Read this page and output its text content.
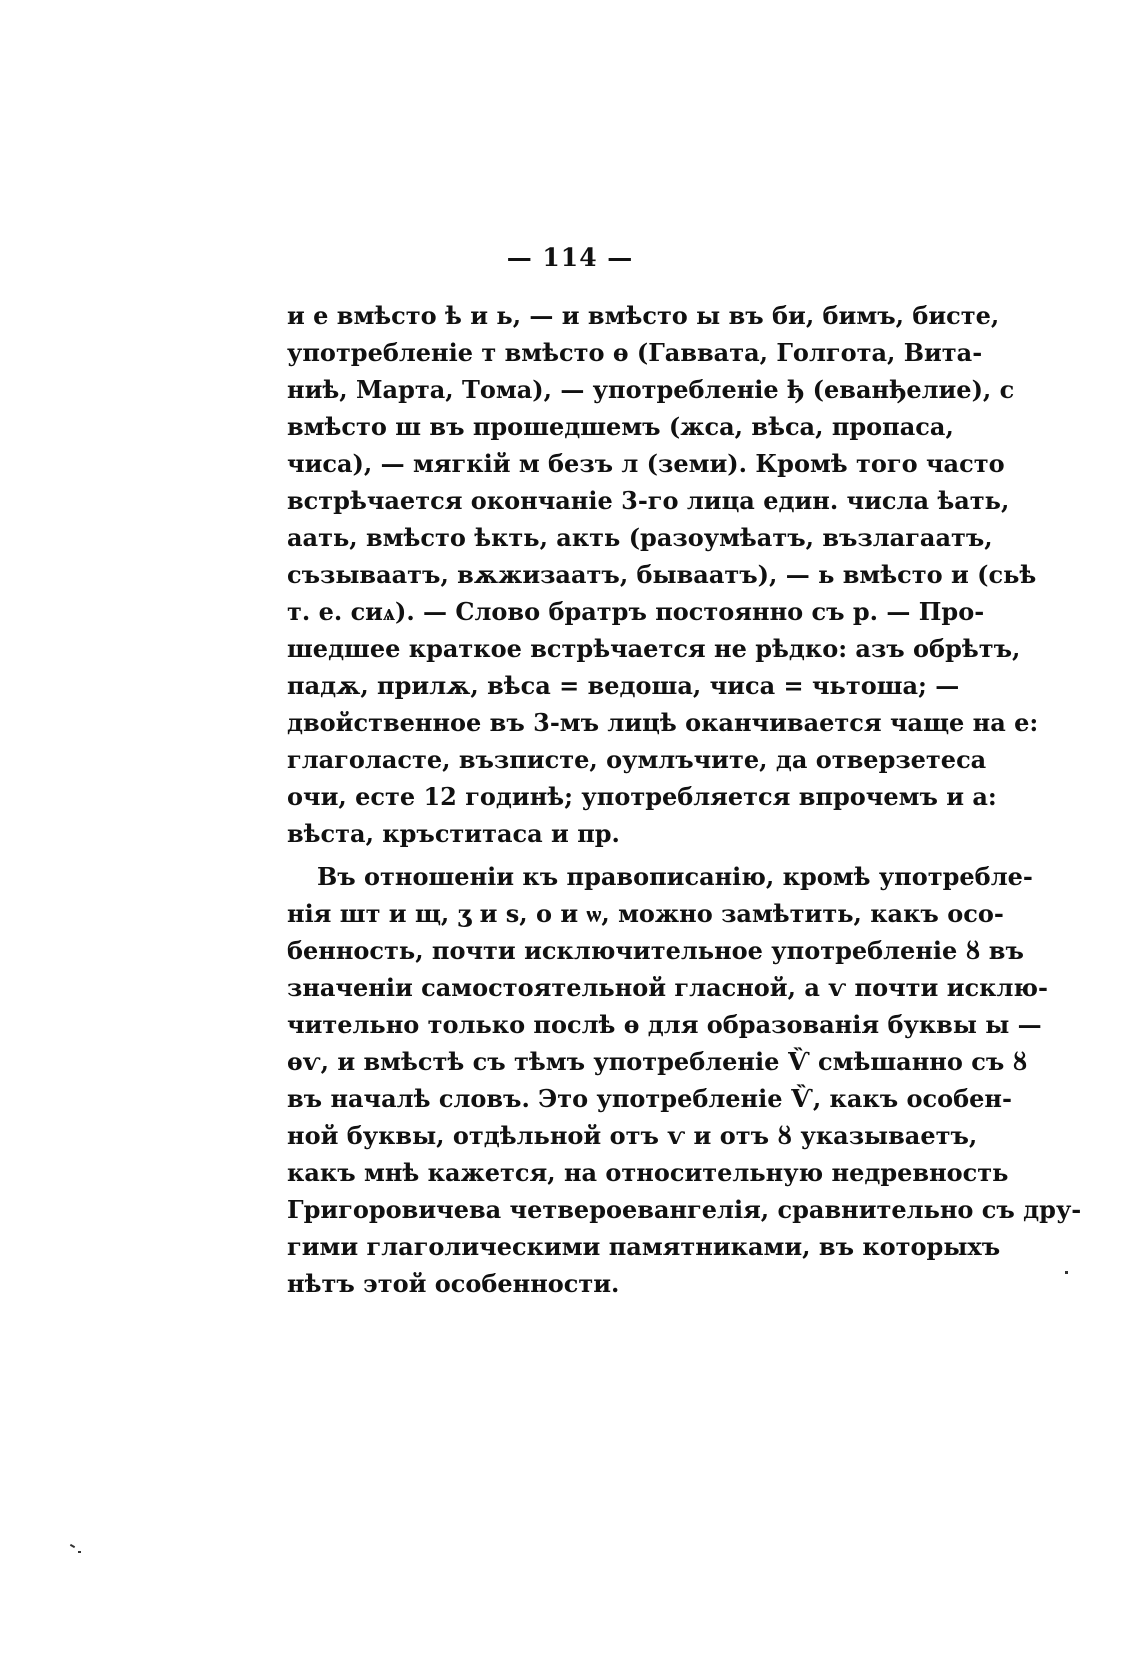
— 114 —
и е вмѣсто ѣ и ь, — и вмѣсто ы въ би, бимъ, бисте,
употребленіе т вмѣсто ѳ (Гаввата, Голгота, Вита-
ниѣ, Марта, Тома), — употребленіе ђ (еванђелие), с
вмѣсто ш въ прошедшемъ (жса, вѣса, пропаса,
чиса), — мягкій м безъ л (земи). Кромѣ того часто
встрѣчается окончаніе 3-го лица един. числа ѣать,
аать, вмѣсто ѣкть, акть (разоумѣатъ, възлагаатъ,
съзываатъ, вѫжизаатъ, бываатъ), — ь вмѣсто и (сьѣ
т. е. сиѧ). — Слово братръ постоянно съ р. — Про-
шедшее краткое встрѣчается не рѣдко: азъ обрѣтъ,
падѫ, прилѫ, вѣса = ведоша, чиса = чьтоша; —
двойственное въ 3-мъ лицѣ оканчивается чаще на е:
глаголасте, възписте, оумлъчите, да отверзетеса
очи, есте 12 годинѣ; употребляется впрочемъ и а:
вѣста, кръститаса и пр.
Въ отношеніи къ правописанію, кромѣ употребле-
нія шт и щ, ӡ и ѕ, о и ѡ, можно замѣтить, какъ осо-
бенность, почти исключительное употребленіе ȣ въ
значеніи самостоятельной гласной, а ѵ почти исклю-
чительно только послѣ ѳ для образованія буквы ы —
ѳѵ, и вмѣстѣ съ тѣмъ употребленіе Ѷ смѣшанно съ ȣ
въ началѣ словъ. Это употребленіе Ѷ, какъ особен-
ной буквы, отдѣльной отъ ѵ и отъ ȣ указываетъ,
какъ мнѣ кажется, на относительную недревность
Григоровичева четвероевангелія, сравнительно съ дру-
гими глаголическими памятниками, въ которыхъ
нѣтъ этой особенности.
